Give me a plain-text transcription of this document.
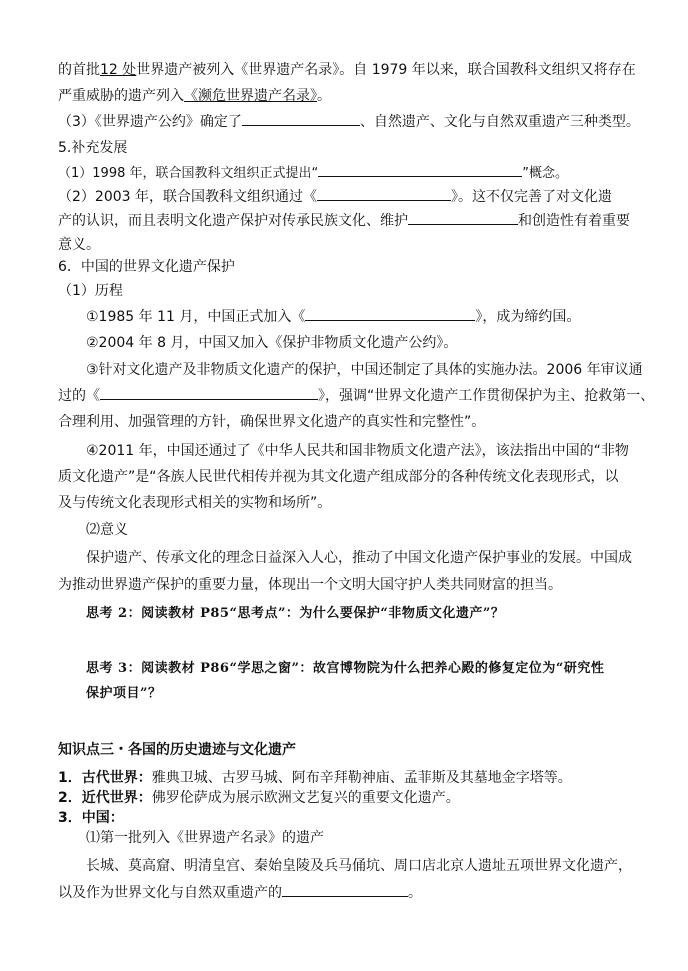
的首批12 处世界遗产被列入《世界遗产名录》。自 1979 年以来，联合国教科文组织又将存在
严重威胁的遗产列入《濒危世界遗产名录》。
（3）《世界遗产公约》确定了	、自然遗产、文化与自然双重遗产三种类型。
5.补充发展
（1）1998 年，联合国教科文组织正式提出“	”概念。
（2）2003 年，联合国教科文组织通过《	》。这不仅完善了对文化遗
产的认识，而且表明文化遗产保护对传承民族文化、维护	和创造性有着重要
意义。
6．中国的世界文化遗产保护
（1）历程
①1985 年 11 月，中国正式加入《	》，成为缔约国。
②2004 年 8 月，中国又加入《保护非物质文化遗产公约》。
③针对文化遗产及非物质文化遗产的保护，中国还制定了具体的实施办法。2006 年审议通
过的《	》，强调“世界文化遗产工作贯彻保护为主、抢救第一、
合理利用、加强管理的方针，确保世界文化遗产的真实性和完整性”。
④2011 年，中国还通过了《中华人民共和国非物质文化遗产法》，该法指出中国的“非物
质文化遗产”是“各族人民世代相传并视为其文化遗产组成部分的各种传统文化表现形式，以
及与传统文化表现形式相关的实物和场所”。
⑵意义
保护遗产、传承文化的理念日益深入人心，推动了中国文化遗产保护事业的发展。中国成
为推动世界遗产保护的重要力量，体现出一个文明大国守护人类共同财富的担当。
思考 2：阅读教材 P85“思考点”：为什么要保护“非物质文化遗产”？
思考 3：阅读教材 P86“学思之窗”：故宫博物院为什么把养心殿的修复定位为“研究性
保护项目”？
知识点三・各国的历史遗迹与文化遗产
1．古代世界：雅典卫城、古罗马城、阿布辛拜勒神庙、孟菲斯及其墓地金字塔等。
2．近代世界：佛罗伦萨成为展示欧洲文艺复兴的重要文化遗产。
3．中国：
⑴第一批列入《世界遗产名录》的遗产
长城、莫高窟、明清皇宫、秦始皇陵及兵马俑坑、周口店北京人遗址五项世界文化遗产，
以及作为世界文化与自然双重遗产的	。
